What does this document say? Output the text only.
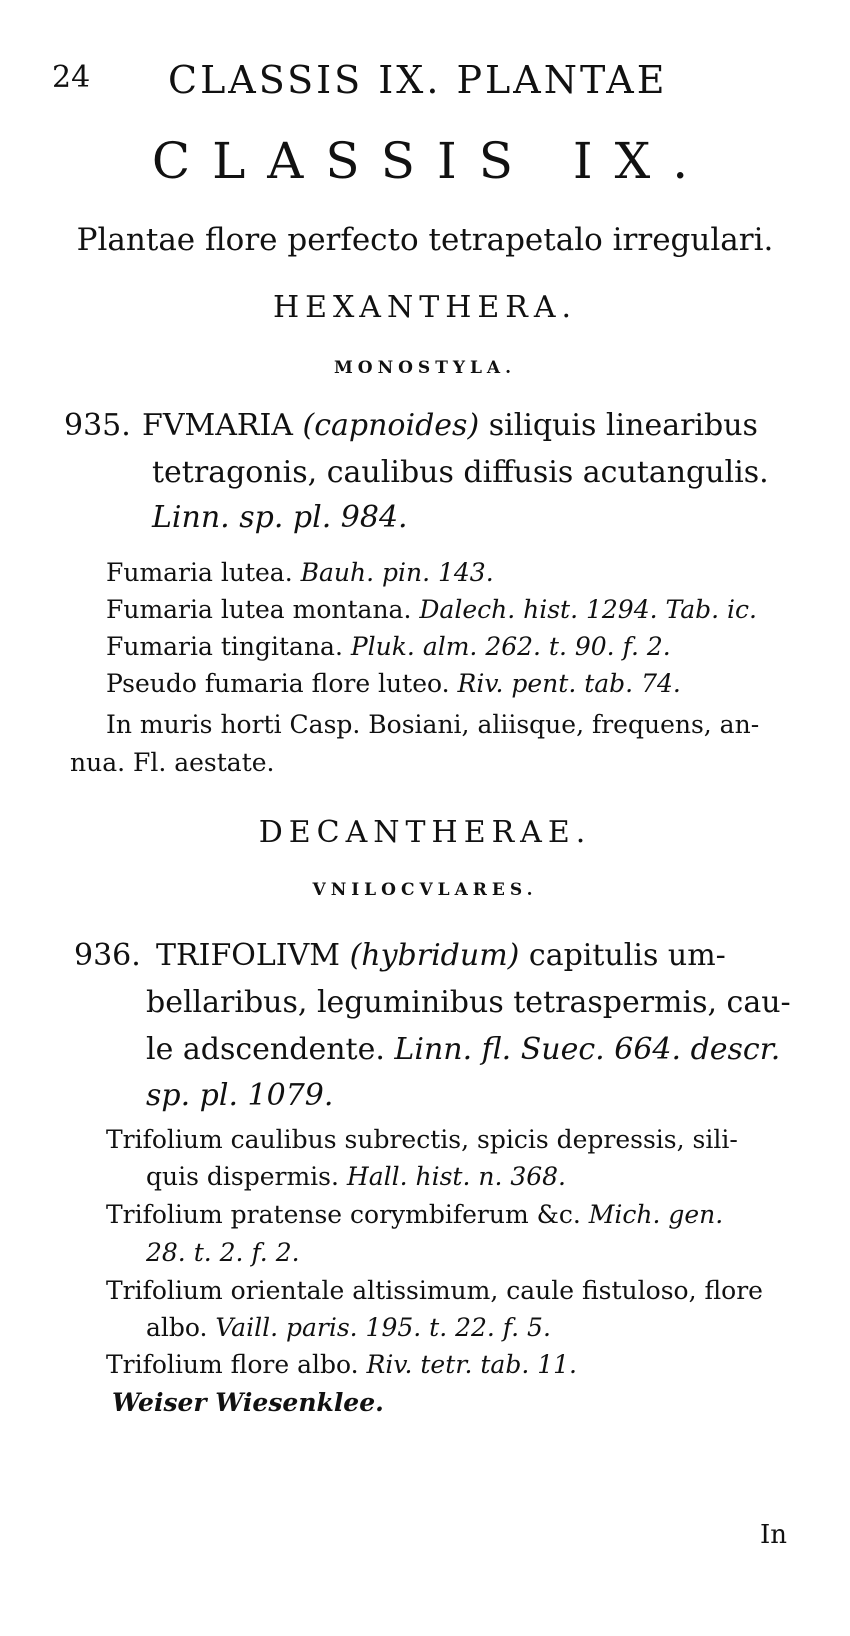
24 CLASSIS IX. PLANTAE
CLASSIS IX.
Plantae flore perfecto tetrapetalo irregulari.
HEXANTHERA.
MONOSTYLA.
935. FVMARIA (capnoides) siliquis linearibus
tetragonis, caulibus diffusis acutangulis.
Linn. sp. pl. 984.
Fumaria lutea. Bauh. pin. 143.
Fumaria lutea montana. Dalech. hist. 1294. Tab. ic.
Fumaria tingitana. Pluk. alm. 262. t. 90. f. 2.
Pseudo fumaria flore luteo. Riv. pent. tab. 74.
In muris horti Casp. Bosiani, aliisque, frequens, an-
nua. Fl. aestate.
DECANTHERAE.
VNILOCVLARES.
936. TRIFOLIVM (hybridum) capitulis um-
bellaribus, leguminibus tetraspermis, cau-
le adscendente. Linn. fl. Suec. 664. descr.
sp. pl. 1079.
Trifolium caulibus subrectis, spicis depressis, sili-
quis dispermis. Hall. hist. n. 368.
Trifolium pratense corymbiferum &c. Mich. gen.
28. t. 2. f. 2.
Trifolium orientale altissimum, caule fistuloso, flore
albo. Vaill. paris. 195. t. 22. f. 5.
Trifolium flore albo. Riv. tetr. tab. 11.
Weiser Wiesenklee.
In
